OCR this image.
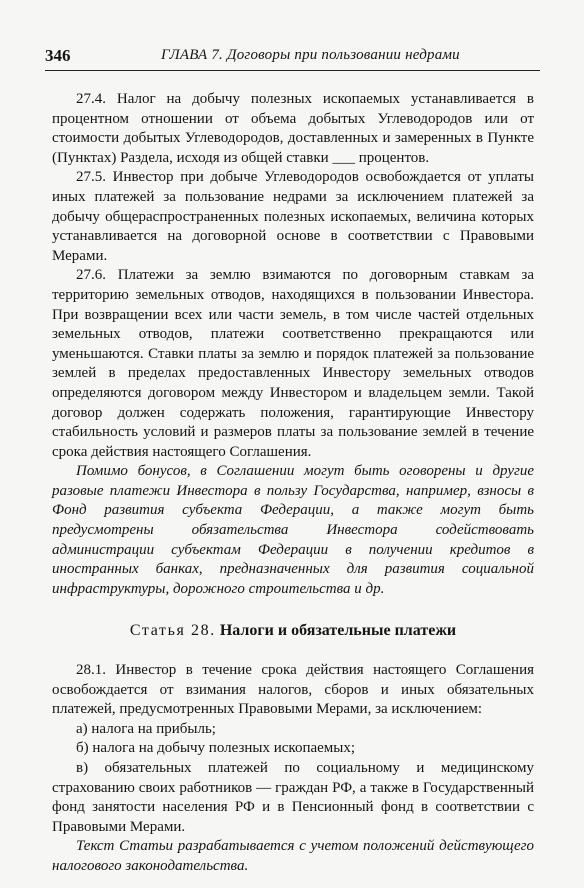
346	ГЛАВА 7. Договоры при пользовании недрами

27.4. Налог на добычу полезных ископаемых устанавливается в процентном отношении от объема добытых Углеводородов или от стоимости добытых Углеводородов, доставленных и замеренных в Пункте (Пунктах) Раздела, исходя из общей ставки ___ процентов.

27.5. Инвестор при добыче Углеводородов освобождается от уплаты иных платежей за пользование недрами за исключением платежей за добычу общераспространенных полезных ископаемых, величина которых устанавливается на договорной основе в соответствии с Правовыми Мерами.

27.6. Платежи за землю взимаются по договорным ставкам за территорию земельных отводов, находящихся в пользовании Инвестора. При возвращении всех или части земель, в том числе частей отдельных земельных отводов, платежи соответственно прекращаются или уменьшаются. Ставки платы за землю и порядок платежей за пользование землей в пределах предоставленных Инвестору земельных отводов определяются договором между Инвестором и владельцем земли. Такой договор должен содержать положения, гарантирующие Инвестору стабильность условий и размеров платы за пользование землей в течение срока действия настоящего Соглашения.

Помимо бонусов, в Соглашении могут быть оговорены и другие разовые платежи Инвестора в пользу Государства, например, взносы в Фонд развития субъекта Федерации, а также могут быть предусмотрены обязательства Инвестора содействовать администрации субъектам Федерации в получении кредитов в иностранных банках, предназначенных для развития социальной инфраструктуры, дорожного строительства и др.

Статья 28. Налоги и обязательные платежи

28.1. Инвестор в течение срока действия настоящего Соглашения освобождается от взимания налогов, сборов и иных обязательных платежей, предусмотренных Правовыми Мерами, за исключением:

а) налога на прибыль;

б) налога на добычу полезных ископаемых;

в) обязательных платежей по социальному и медицинскому страхованию своих работников — граждан РФ, а также в Государственный фонд занятости населения РФ и в Пенсионный фонд в соответствии с Правовыми Мерами.

Текст Статьи разрабатывается с учетом положений действующего налогового законодательства.
